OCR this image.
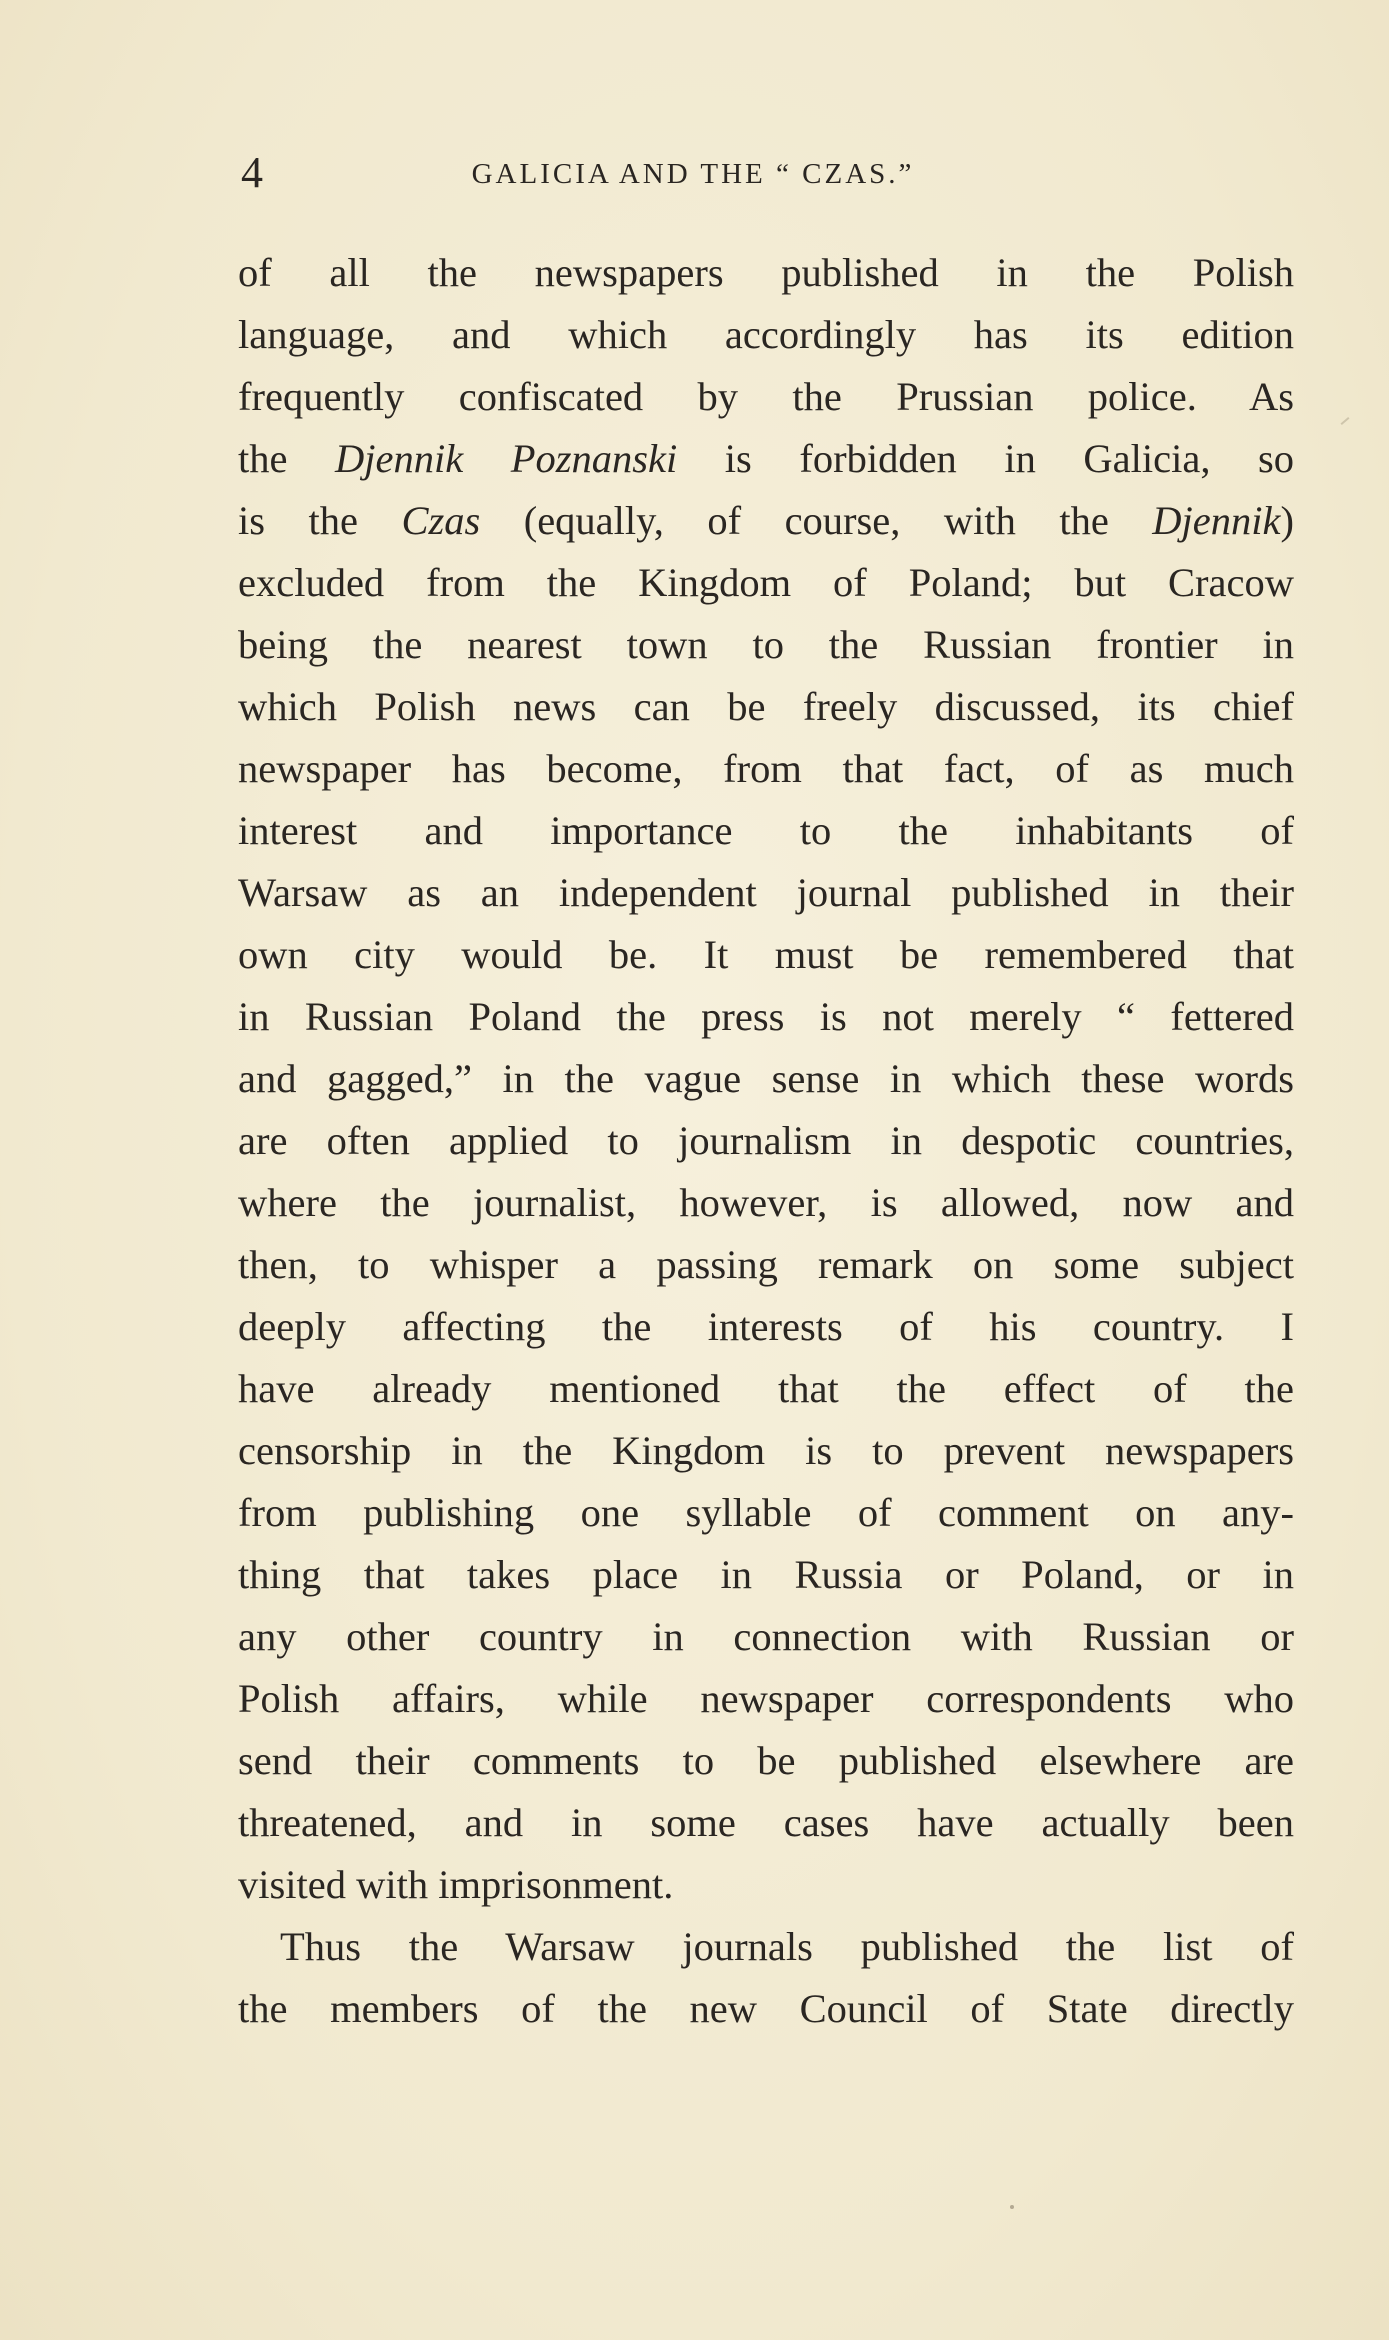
4	GALICIA AND THE “ CZAS.”
of all the newspapers published in the Polish
language, and which accordingly has its edition
frequently confiscated by the Prussian police. As
the Djennik Poznanski is forbidden in Galicia, so
is the Czas (equally, of course, with the Djennik)
excluded from the Kingdom of Poland; but Cracow
being the nearest town to the Russian frontier in
which Polish news can be freely discussed, its chief
newspaper has become, from that fact, of as much
interest and importance to the inhabitants of
Warsaw as an independent journal published in their
own city would be. It must be remembered that
in Russian Poland the press is not merely “ fettered
and gagged,” in the vague sense in which these words
are often applied to journalism in despotic countries,
where the journalist, however, is allowed, now and
then, to whisper a passing remark on some subject
deeply affecting the interests of his country. I
have already mentioned that the effect of the
censorship in the Kingdom is to prevent newspapers
from publishing one syllable of comment on any-
thing that takes place in Russia or Poland, or in
any other country in connection with Russian or
Polish affairs, while newspaper correspondents who
send their comments to be published elsewhere are
threatened, and in some cases have actually been
visited with imprisonment.
Thus the Warsaw journals published the list of
the members of the new Council of State directly
